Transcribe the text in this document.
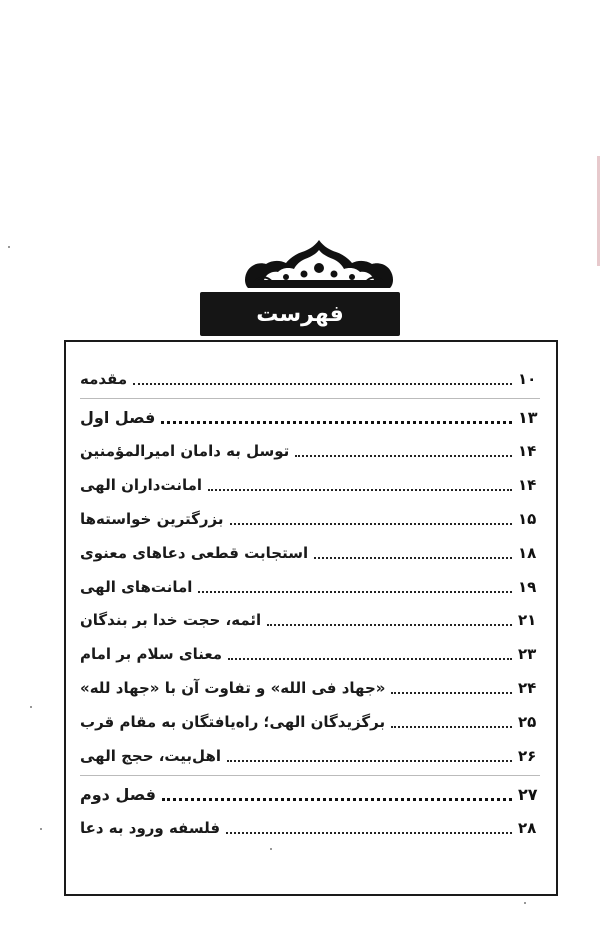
فهرست
۱۰
مقدمه
۱۳
فصل اول
۱۴
توسل به دامان امیرالمؤمنین
۱۴
امانت‌داران الهی
۱۵
بزرگترین خواسته‌ها
۱۸
استجابت قطعی دعاهای معنوی
۱۹
امانت‌های الهی
۲۱
ائمه، حجت خدا بر بندگان
۲۳
معنای سلام بر امام
۲۴
«جهاد فی الله» و تفاوت آن با «جهاد لله»
۲۵
برگزیدگان الهی؛ راه‌یافتگان به مقام قرب
۲۶
اهل‌بیت، حجج الهی
۲۷
فصل دوم
۲۸
فلسفه ورود به دعا
